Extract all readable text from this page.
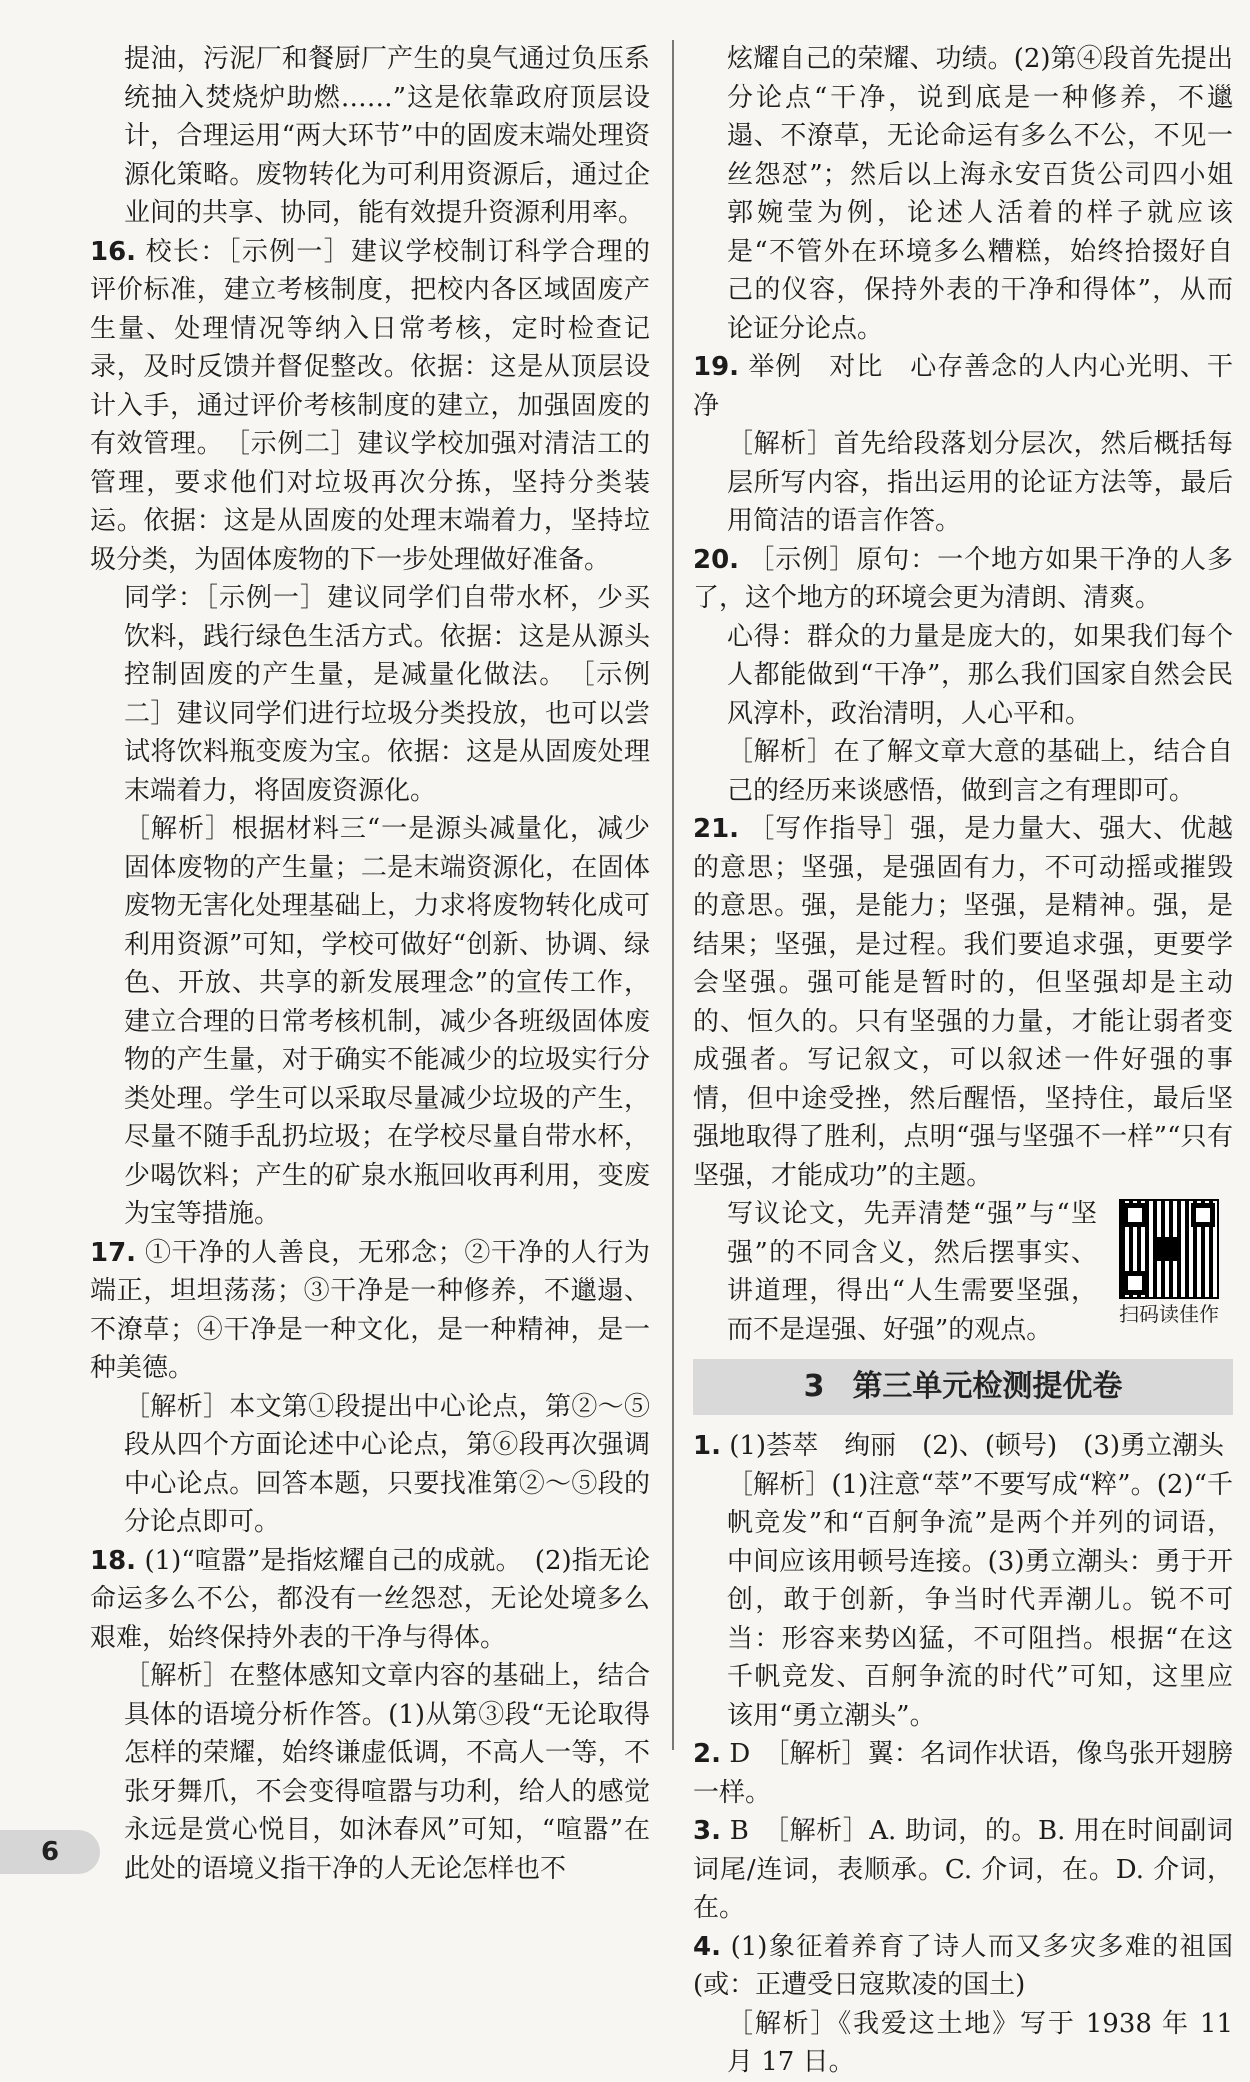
提油，污泥厂和餐厨厂产生的臭气通过负压系统抽入焚烧炉助燃……”这是依靠政府顶层设计，合理运用“两大环节”中的固废末端处理资源化策略。废物转化为可利用资源后，通过企业间的共享、协同，能有效提升资源利用率。

16. 校长：［示例一］建议学校制订科学合理的评价标准，建立考核制度，把校内各区域固废产生量、处理情况等纳入日常考核，定时检查记录，及时反馈并督促整改。依据：这是从顶层设计入手，通过评价考核制度的建立，加强固废的有效管理。　［示例二］建议学校加强对清洁工的管理，要求他们对垃圾再次分拣，坚持分类装运。依据：这是从固废的处理末端着力，坚持垃圾分类，为固体废物的下一步处理做好准备。

同学：［示例一］建议同学们自带水杯，少买饮料，践行绿色生活方式。依据：这是从源头控制固废的产生量，是减量化做法。　［示例二］建议同学们进行垃圾分类投放，也可以尝试将饮料瓶变废为宝。依据：这是从固废处理末端着力，将固废资源化。

［解析］根据材料三“一是源头减量化，减少固体废物的产生量；二是末端资源化，在固体废物无害化处理基础上，力求将废物转化成可利用资源”可知，学校可做好“创新、协调、绿色、开放、共享的新发展理念”的宣传工作，建立合理的日常考核机制，减少各班级固体废物的产生量，对于确实不能减少的垃圾实行分类处理。学生可以采取尽量减少垃圾的产生，尽量不随手乱扔垃圾；在学校尽量自带水杯，少喝饮料；产生的矿泉水瓶回收再利用，变废为宝等措施。

17. ①干净的人善良，无邪念；②干净的人行为端正，坦坦荡荡；③干净是一种修养，不邋遢、不潦草；④干净是一种文化，是一种精神，是一种美德。

［解析］本文第①段提出中心论点，第②～⑤段从四个方面论述中心论点，第⑥段再次强调中心论点。回答本题，只要找准第②～⑤段的分论点即可。

18. (1)“喧嚣”是指炫耀自己的成就。　(2)指无论命运多么不公，都没有一丝怨怼，无论处境多么艰难，始终保持外表的干净与得体。

［解析］在整体感知文章内容的基础上，结合具体的语境分析作答。(1)从第③段“无论取得怎样的荣耀，始终谦虚低调，不高人一等，不张牙舞爪，不会变得喧嚣与功利，给人的感觉永远是赏心悦目，如沐春风”可知，“喧嚣”在此处的语境义指干净的人无论怎样也不

炫耀自己的荣耀、功绩。(2)第④段首先提出分论点“干净，说到底是一种修养，不邋遢、不潦草，无论命运有多么不公，不见一丝怨怼”；然后以上海永安百货公司四小姐郭婉莹为例，论述人活着的样子就应该是“不管外在环境多么糟糕，始终拾掇好自己的仪容，保持外表的干净和得体”，从而论证分论点。

19. 举例　对比　心存善念的人内心光明、干净

［解析］首先给段落划分层次，然后概括每层所写内容，指出运用的论证方法等，最后用简洁的语言作答。

20. ［示例］原句：一个地方如果干净的人多了，这个地方的环境会更为清朗、清爽。

心得：群众的力量是庞大的，如果我们每个人都能做到“干净”，那么我们国家自然会民风淳朴，政治清明，人心平和。

［解析］在了解文章大意的基础上，结合自己的经历来谈感悟，做到言之有理即可。

21. ［写作指导］强，是力量大、强大、优越的意思；坚强，是强固有力，不可动摇或摧毁的意思。强，是能力；坚强，是精神。强，是结果；坚强，是过程。我们要追求强，更要学会坚强。强可能是暂时的，但坚强却是主动的、恒久的。只有坚强的力量，才能让弱者变成强者。写记叙文，可以叙述一件好强的事情，但中途受挫，然后醒悟，坚持住，最后坚强地取得了胜利，点明“强与坚强不一样”“只有坚强，才能成功”的主题。

写议论文，先弄清楚“强”与“坚强”的不同含义，然后摆事实、讲道理，得出“人生需要坚强，而不是逞强、好强”的观点。

扫码读佳作
3 第三单元检测提优卷

1. (1)荟萃　绚丽　(2)、(顿号)　(3)勇立潮头

［解析］(1)注意“萃”不要写成“粹”。(2)“千帆竞发”和“百舸争流”是两个并列的词语，中间应该用顿号连接。(3)勇立潮头：勇于开创，敢于创新，争当时代弄潮儿。锐不可当：形容来势凶猛，不可阻挡。根据“在这千帆竞发、百舸争流的时代”可知，这里应该用“勇立潮头”。

2. D　［解析］翼：名词作状语，像鸟张开翅膀一样。

3. B　［解析］A. 助词，的。B. 用在时间副词词尾/连词，表顺承。C. 介词，在。D. 介词，在。

4. (1)象征着养育了诗人而又多灾多难的祖国(或：正遭受日寇欺凌的国土)

［解析］《我爱这土地》写于 1938 年 11 月 17 日。

6
